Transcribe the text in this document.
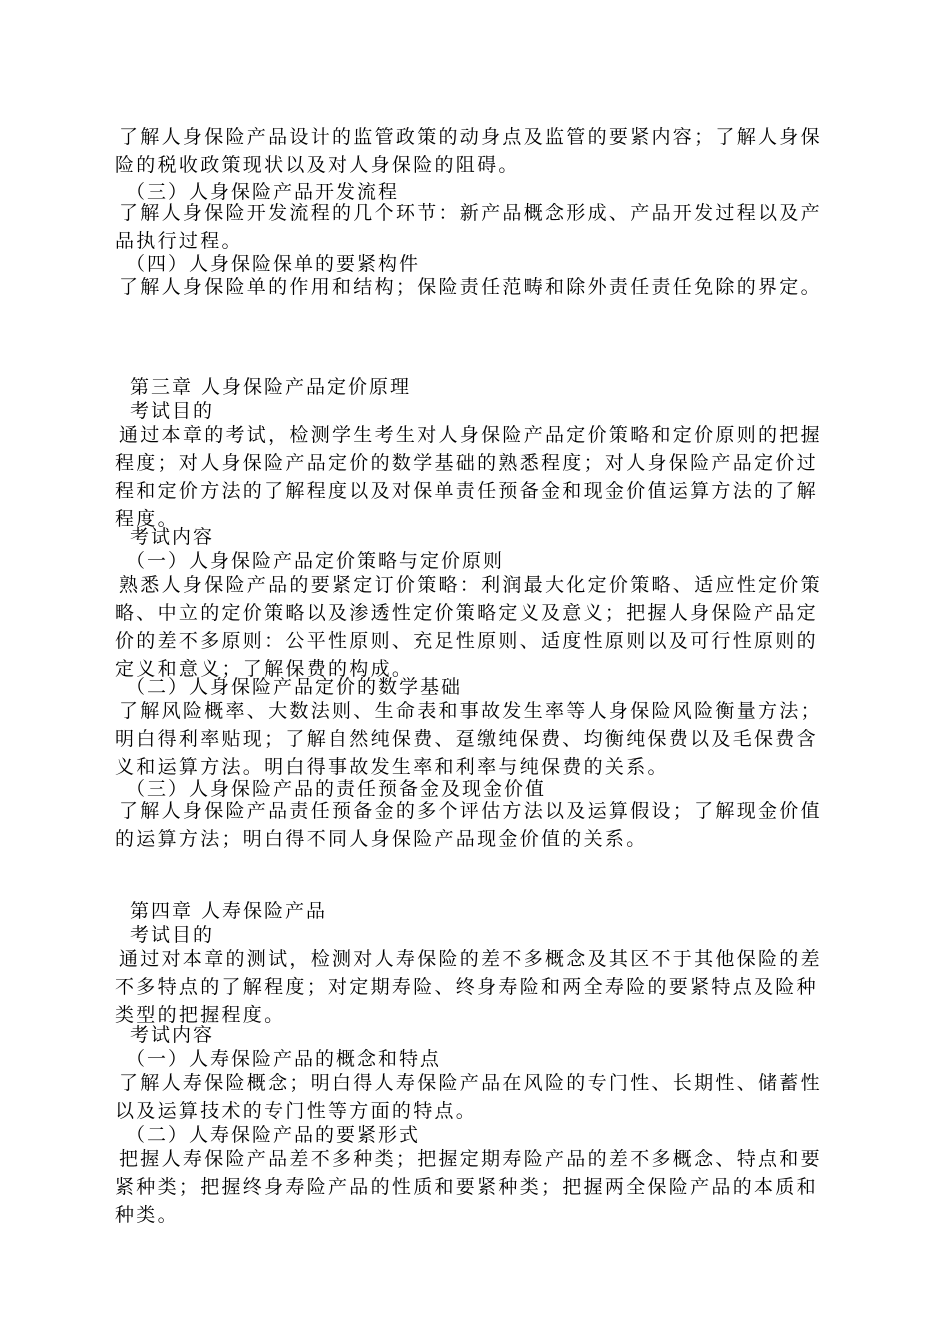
了解人身保险产品设计的监管政策的动身点及监管的要紧内容；了解人身保险的税收政策现状以及对人身保险的阻碍。
（三）人身保险产品开发流程
了解人身保险开发流程的几个环节：新产品概念形成、产品开发过程以及产品执行过程。
（四）人身保险保单的要紧构件
了解人身保险单的作用和结构；保险责任范畴和除外责任责任免除的界定。
第三章 人身保险产品定价原理
考试目的
通过本章的考试，检测学生考生对人身保险产品定价策略和定价原则的把握程度；对人身保险产品定价的数学基础的熟悉程度；对人身保险产品定价过程和定价方法的了解程度以及对保单责任预备金和现金价值运算方法的了解程度。
考试内容
（一）人身保险产品定价策略与定价原则
熟悉人身保险产品的要紧定订价策略：利润最大化定价策略、适应性定价策略、中立的定价策略以及渗透性定价策略定义及意义；把握人身保险产品定价的差不多原则：公平性原则、充足性原则、适度性原则以及可行性原则的定义和意义；了解保费的构成。
（二）人身保险产品定价的数学基础
了解风险概率、大数法则、生命表和事故发生率等人身保险风险衡量方法；明白得利率贴现；了解自然纯保费、趸缴纯保费、均衡纯保费以及毛保费含义和运算方法。明白得事故发生率和利率与纯保费的关系。
（三）人身保险产品的责任预备金及现金价值
了解人身保险产品责任预备金的多个评估方法以及运算假设；了解现金价值的运算方法；明白得不同人身保险产品现金价值的关系。
第四章 人寿保险产品
考试目的
通过对本章的测试，检测对人寿保险的差不多概念及其区不于其他保险的差不多特点的了解程度；对定期寿险、终身寿险和两全寿险的要紧特点及险种类型的把握程度。
考试内容
（一）人寿保险产品的概念和特点
了解人寿保险概念；明白得人寿保险产品在风险的专门性、长期性、储蓄性以及运算技术的专门性等方面的特点。
（二）人寿保险产品的要紧形式
把握人寿保险产品差不多种类；把握定期寿险产品的差不多概念、特点和要紧种类；把握终身寿险产品的性质和要紧种类；把握两全保险产品的本质和种类。
